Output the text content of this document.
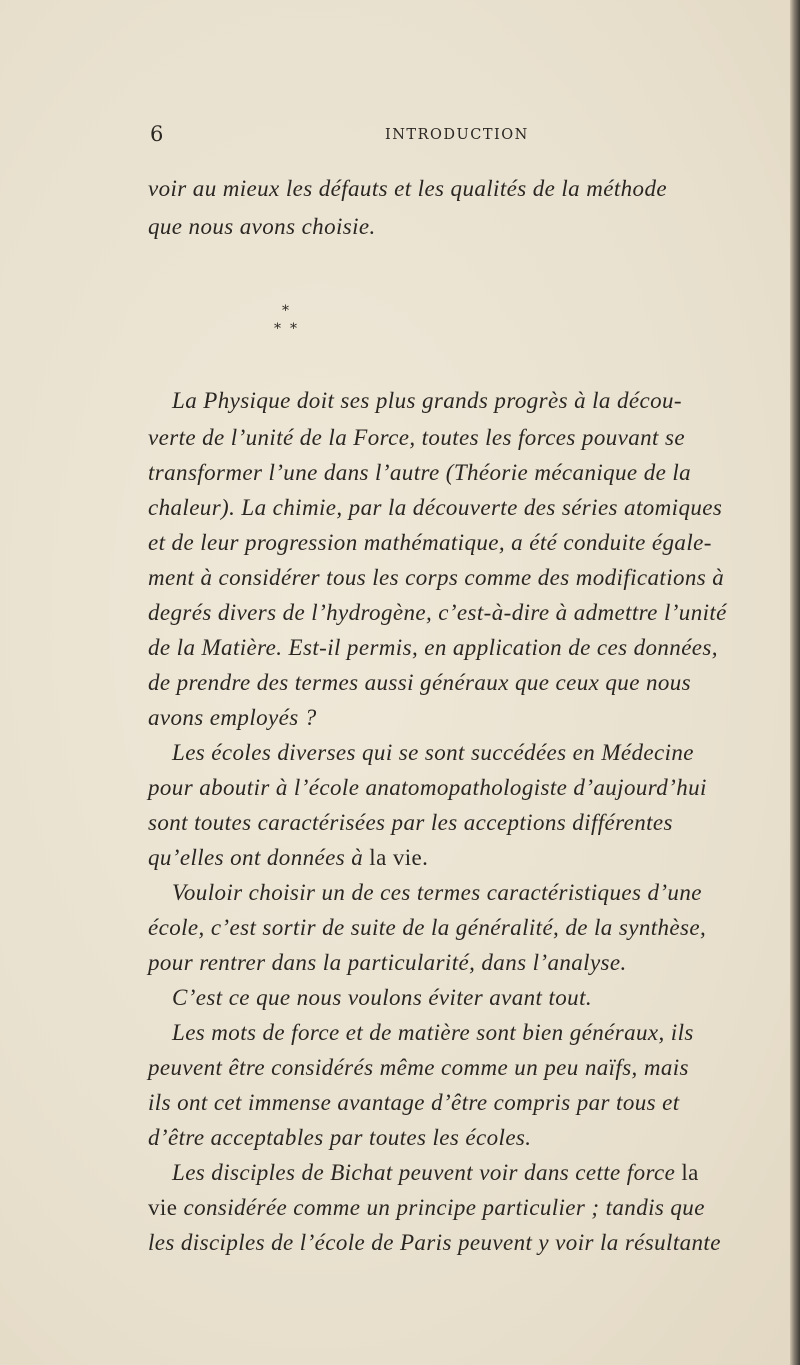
6	INTRODUCTION
voir au mieux les défauts et les qualités de la méthode
que nous avons choisie.
*
* *
La Physique doit ses plus grands progrès à la décou-
verte de l’unité de la Force, toutes les forces pouvant se
transformer l’une dans l’autre (Théorie mécanique de la
chaleur). La chimie, par la découverte des séries atomiques
et de leur progression mathématique, a été conduite égale-
ment à considérer tous les corps comme des modifications à
degrés divers de l’hydrogène, c’est-à-dire à admettre l’unité
de la Matière. Est-il permis, en application de ces données,
de prendre des termes aussi généraux que ceux que nous
avons employés ?
Les écoles diverses qui se sont succédées en Médecine
pour aboutir à l’école anatomopathologiste d’aujourd’hui
sont toutes caractérisées par les acceptions différentes
qu’elles ont données à la vie.
Vouloir choisir un de ces termes caractéristiques d’une
école, c’est sortir de suite de la généralité, de la synthèse,
pour rentrer dans la particularité, dans l’analyse.
C’est ce que nous voulons éviter avant tout.
Les mots de force et de matière sont bien généraux, ils
peuvent être considérés même comme un peu naïfs, mais
ils ont cet immense avantage d’être compris par tous et
d’être acceptables par toutes les écoles.
Les disciples de Bichat peuvent voir dans cette force la
vie considérée comme un principe particulier ; tandis que
les disciples de l’école de Paris peuvent y voir la résultante
